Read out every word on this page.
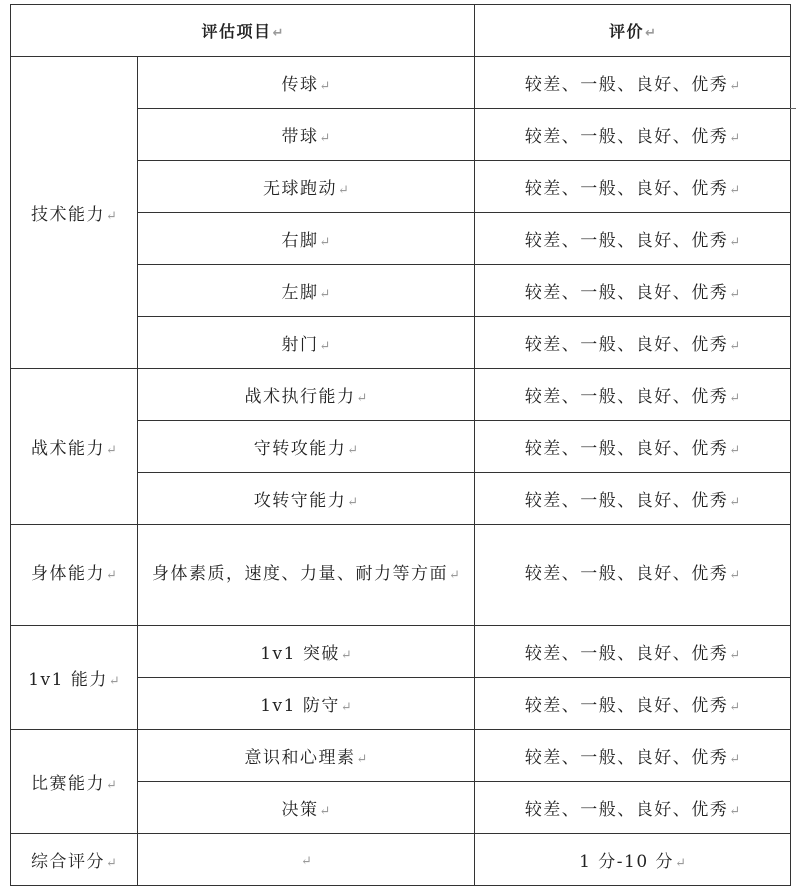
评估项目↵		评价↵
技术能力↵	传球↵	较差、一般、良好、优秀↵
	带球↵	较差、一般、良好、优秀↵
	无球跑动↵	较差、一般、良好、优秀↵
	右脚↵	较差、一般、良好、优秀↵
	左脚↵	较差、一般、良好、优秀↵
	射门↵	较差、一般、良好、优秀↵
战术能力↵	战术执行能力↵	较差、一般、良好、优秀↵
	守转攻能力↵	较差、一般、良好、优秀↵
	攻转守能力↵	较差、一般、良好、优秀↵
身体能力↵	身体素质，速度、力量、耐力等方面↵	较差、一般、良好、优秀↵
1v1 能力↵	1v1 突破↵	较差、一般、良好、优秀↵
	1v1 防守↵	较差、一般、良好、优秀↵
比赛能力↵	意识和心理素↵	较差、一般、良好、优秀↵
	决策↵	较差、一般、良好、优秀↵
综合评分↵	↵	1 分-10 分↵
